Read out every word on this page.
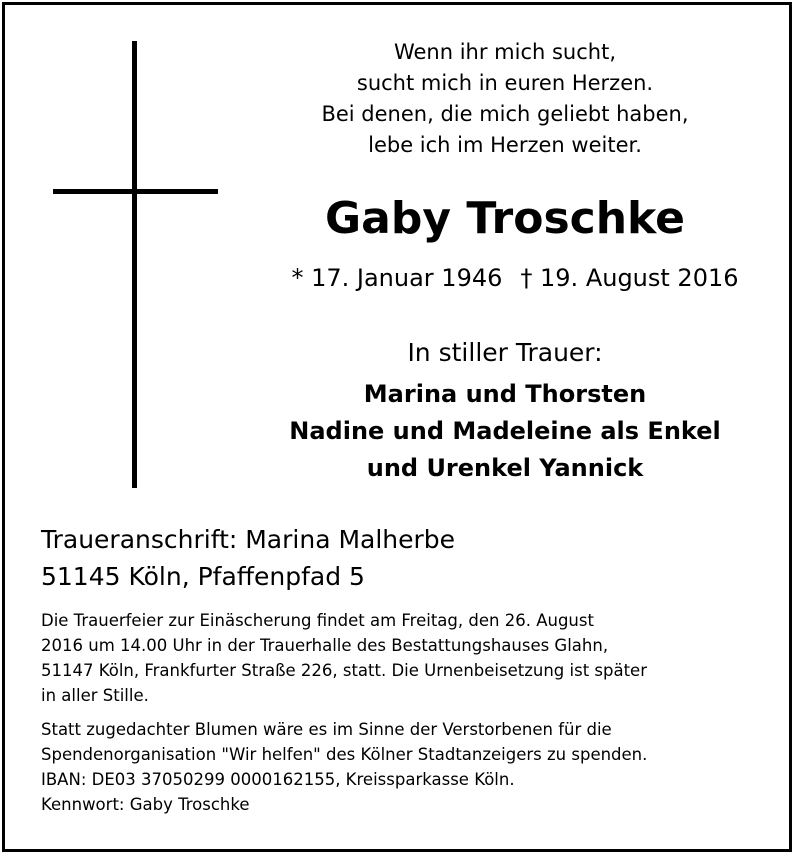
Wenn ihr mich sucht,
sucht mich in euren Herzen.
Bei denen, die mich geliebt haben,
lebe ich im Herzen weiter.
Gaby Troschke
* 17. Januar 1946 † 19. August 2016
In stiller Trauer:
Marina und Thorsten
Nadine und Madeleine als Enkel
und Urenkel Yannick
Traueranschrift: Marina Malherbe
51145 Köln, Pfaffenpfad 5
Die Trauerfeier zur Einäscherung findet am Freitag, den 26. August
2016 um 14.00 Uhr in der Trauerhalle des Bestattungshauses Glahn,
51147 Köln, Frankfurter Straße 226, statt. Die Urnenbeisetzung ist später
in aller Stille.
Statt zugedachter Blumen wäre es im Sinne der Verstorbenen für die
Spendenorganisation "Wir helfen" des Kölner Stadtanzeigers zu spenden.
IBAN: DE03 37050299 0000162155, Kreissparkasse Köln.
Kennwort: Gaby Troschke
